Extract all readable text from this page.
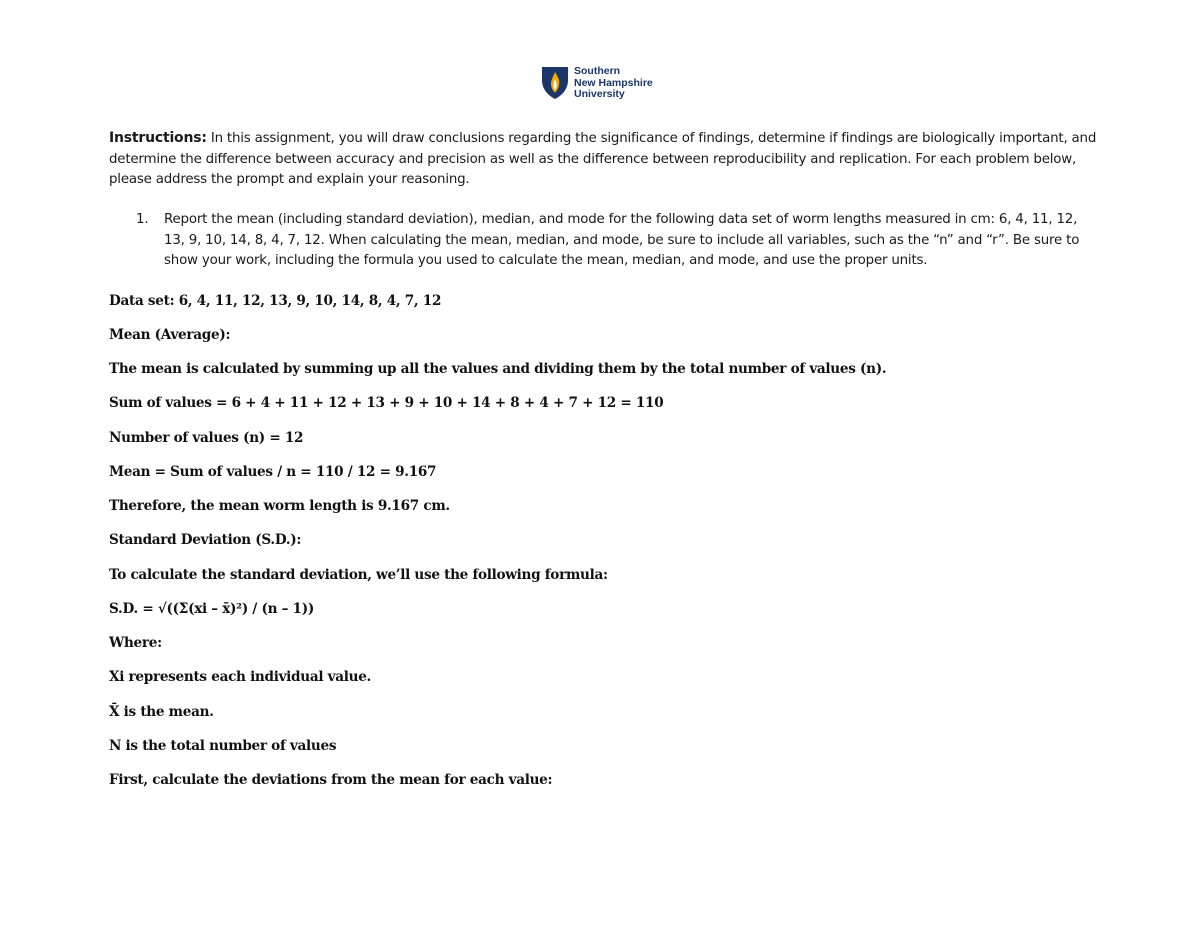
Southern
New Hampshire
University
Instructions: In this assignment, you will draw conclusions regarding the significance of findings, determine if findings are biologically important, and determine the difference between accuracy and precision as well as the difference between reproducibility and replication. For each problem below, please address the prompt and explain your reasoning.
1.	Report the mean (including standard deviation), median, and mode for the following data set of worm lengths measured in cm: 6, 4, 11, 12, 13, 9, 10, 14, 8, 4, 7, 12. When calculating the mean, median, and mode, be sure to include all variables, such as the “n” and “r”. Be sure to show your work, including the formula you used to calculate the mean, median, and mode, and use the proper units.
Data set: 6, 4, 11, 12, 13, 9, 10, 14, 8, 4, 7, 12
Mean (Average):
The mean is calculated by summing up all the values and dividing them by the total number of values (n).
Sum of values = 6 + 4 + 11 + 12 + 13 + 9 + 10 + 14 + 8 + 4 + 7 + 12 = 110
Number of values (n) = 12
Mean = Sum of values / n = 110 / 12 = 9.167
Therefore, the mean worm length is 9.167 cm.
Standard Deviation (S.D.):
To calculate the standard deviation, we’ll use the following formula:
S.D. = √((Σ(xi – x̄)²) / (n – 1))
Where:
Xi represents each individual value.
X̄ is the mean.
N is the total number of values
First, calculate the deviations from the mean for each value:
